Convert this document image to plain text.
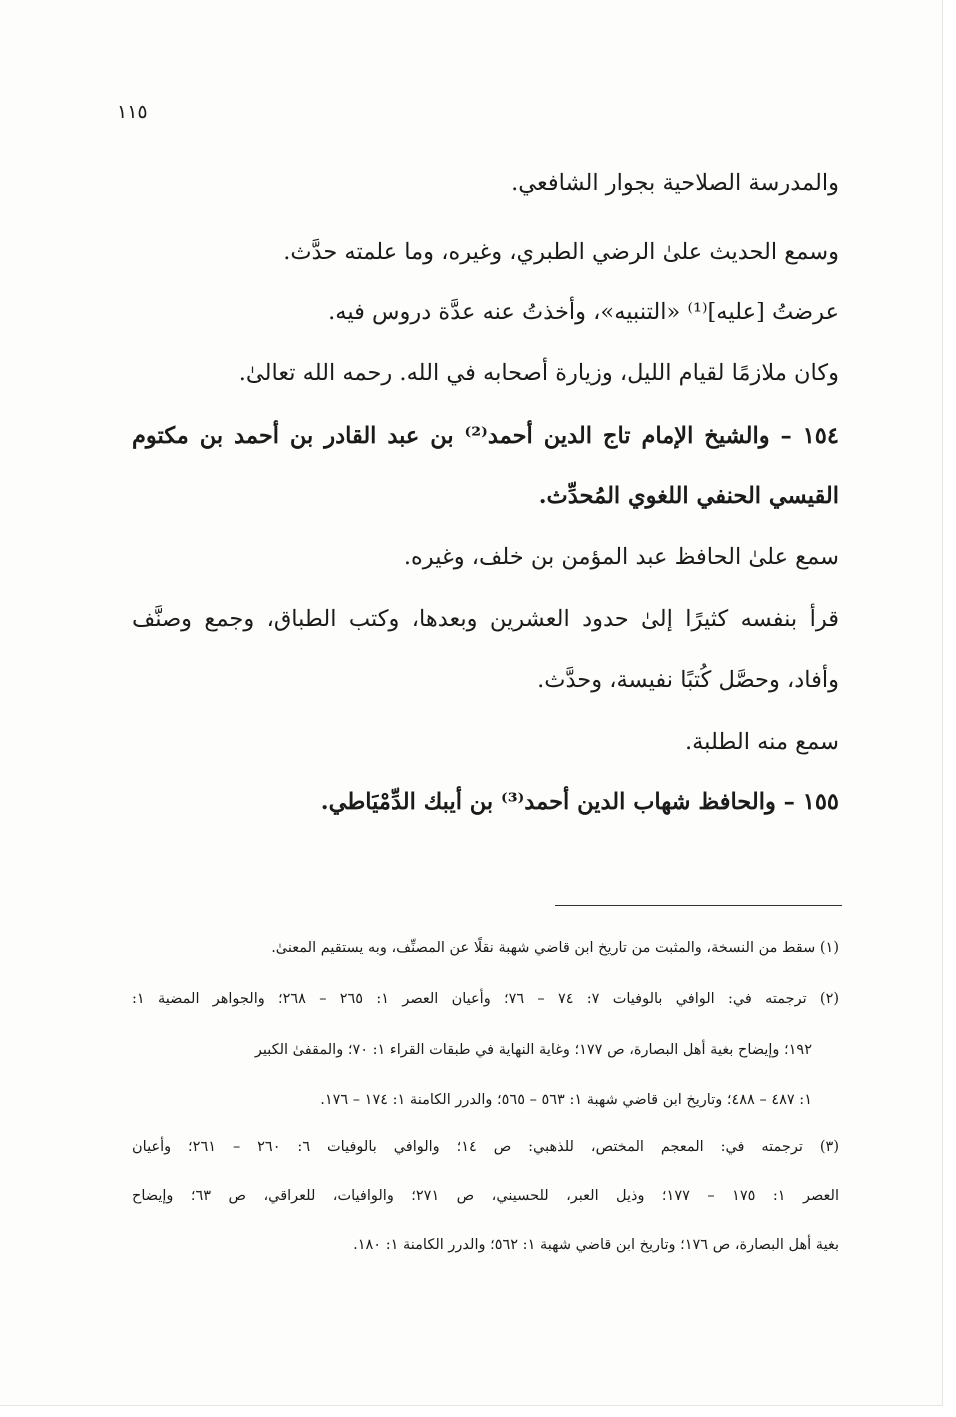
١١٥
والمدرسة الصلاحية بجوار الشافعي.
وسمع الحديث علىٰ الرضي الطبري، وغيره، وما علمته حدَّث.
عرضتُ [عليه]⁽¹⁾ «التنبيه»، وأخذتُ عنه عدَّة دروس فيه.
وكان ملازمًا لقيام الليل، وزيارة أصحابه في الله. رحمه الله تعالىٰ.
١٥٤ – والشيخ الإمام تاج الدين أحمد⁽²⁾ بن عبد القادر بن أحمد بن مكتوم
القيسي الحنفي اللغوي المُحدِّث.
سمع علىٰ الحافظ عبد المؤمن بن خلف، وغيره.
قرأ بنفسه كثيرًا إلىٰ حدود العشرين وبعدها، وكتب الطباق، وجمع وصنَّف
وأفاد، وحصَّل كُتبًا نفيسة، وحدَّث.
سمع منه الطلبة.
١٥٥ – والحافظ شهاب الدين أحمد⁽³⁾ بن أيبك الدِّمْيَاطي.
(١) سقط من النسخة، والمثبت من تاريخ ابن قاضي شهبة نقلًا عن المصنِّف، وبه يستقيم المعنىٰ.
(٢) ترجمته في: الوافي بالوفيات ٧: ٧٤ – ٧٦؛ وأعيان العصر ١: ٢٦٥ – ٢٦٨؛ والجواهر المضية ١:
١٩٢؛ وإيضاح بغية أهل البصارة، ص ١٧٧؛ وغاية النهاية في طبقات القراء ١: ٧٠؛ والمقفىٰ الكبير
١: ٤٨٧ – ٤٨٨؛ وتاريخ ابن قاضي شهبة ١: ٥٦٣ – ٥٦٥؛ والدرر الكامنة ١: ١٧٤ – ١٧٦.
(٣) ترجمته في: المعجم المختص، للذهبي: ص ١٤؛ والوافي بالوفيات ٦: ٢٦٠ – ٢٦١؛ وأعيان
العصر ١: ١٧٥ – ١٧٧؛ وذيل العبر، للحسيني، ص ٢٧١؛ والوافيات، للعراقي، ص ٦٣؛ وإيضاح
بغية أهل البصارة، ص ١٧٦؛ وتاريخ ابن قاضي شهبة ١: ٥٦٢؛ والدرر الكامنة ١: ١٨٠.
